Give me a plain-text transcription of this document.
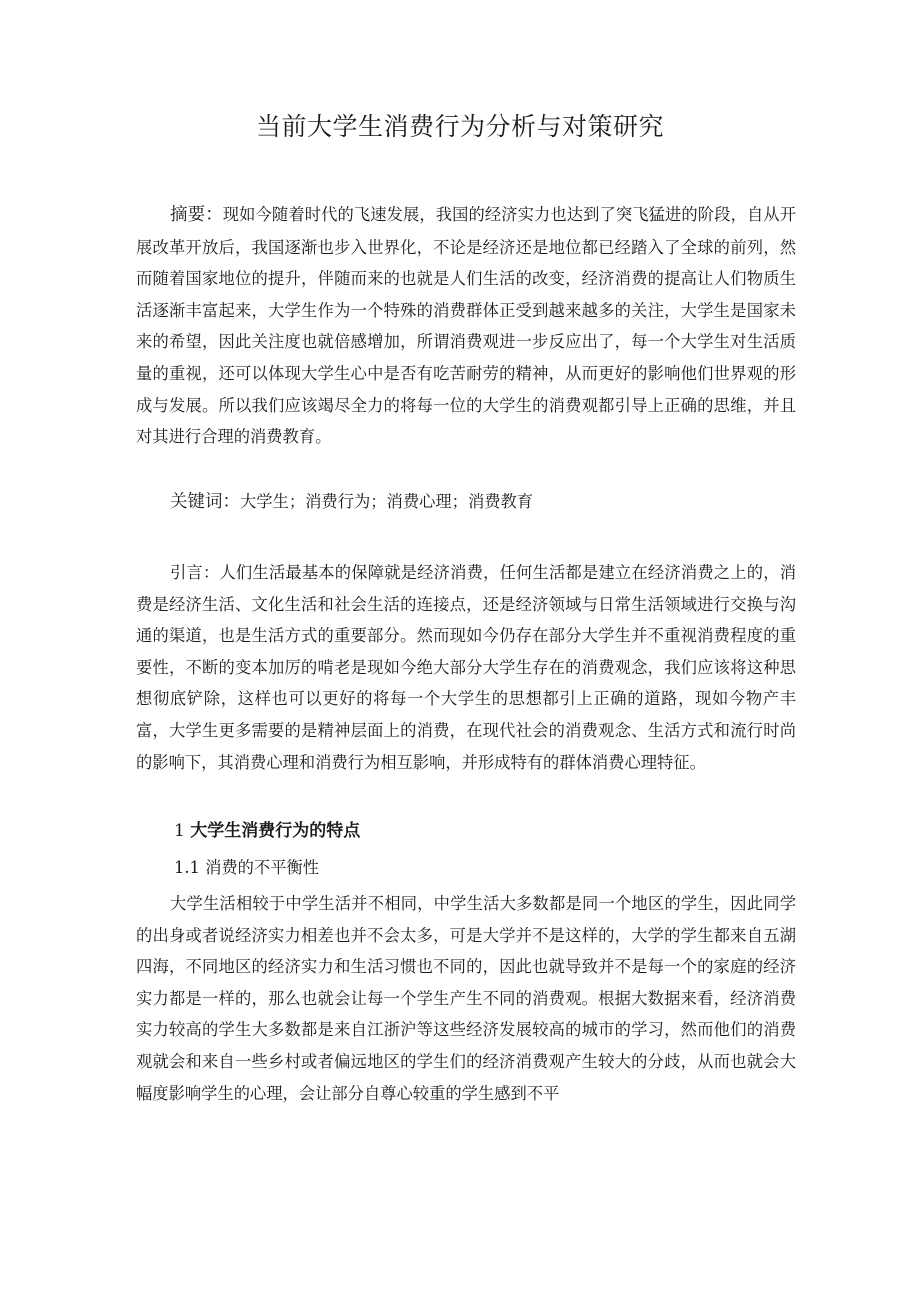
当前大学生消费行为分析与对策研究
摘要：现如今随着时代的飞速发展，我国的经济实力也达到了突飞猛进的阶段，自从开展改革开放后，我国逐渐也步入世界化，不论是经济还是地位都已经踏入了全球的前列，然而随着国家地位的提升，伴随而来的也就是人们生活的改变，经济消费的提高让人们物质生活逐渐丰富起来，大学生作为一个特殊的消费群体正受到越来越多的关注，大学生是国家未来的希望，因此关注度也就倍感增加，所谓消费观进一步反应出了，每一个大学生对生活质量的重视，还可以体现大学生心中是否有吃苦耐劳的精神，从而更好的影响他们世界观的形成与发展。所以我们应该竭尽全力的将每一位的大学生的消费观都引导上正确的思维，并且对其进行合理的消费教育。
关键词：大学生；消费行为；消费心理；消费教育
引言：人们生活最基本的保障就是经济消费，任何生活都是建立在经济消费之上的，消费是经济生活、文化生活和社会生活的连接点，还是经济领域与日常生活领域进行交换与沟通的渠道，也是生活方式的重要部分。然而现如今仍存在部分大学生并不重视消费程度的重要性，不断的变本加厉的啃老是现如今绝大部分大学生存在的消费观念，我们应该将这种思想彻底铲除，这样也可以更好的将每一个大学生的思想都引上正确的道路，现如今物产丰富，大学生更多需要的是精神层面上的消费，在现代社会的消费观念、生活方式和流行时尚的影响下，其消费心理和消费行为相互影响，并形成特有的群体消费心理特征。
1 大学生消费行为的特点
1.1 消费的不平衡性
大学生活相较于中学生活并不相同，中学生活大多数都是同一个地区的学生，因此同学的出身或者说经济实力相差也并不会太多，可是大学并不是这样的，大学的学生都来自五湖四海，不同地区的经济实力和生活习惯也不同的，因此也就导致并不是每一个的家庭的经济实力都是一样的，那么也就会让每一个学生产生不同的消费观。根据大数据来看，经济消费实力较高的学生大多数都是来自江浙沪等这些经济发展较高的城市的学习，然而他们的消费观就会和来自一些乡村或者偏远地区的学生们的经济消费观产生较大的分歧，从而也就会大幅度影响学生的心理，会让部分自尊心较重的学生感到不平
